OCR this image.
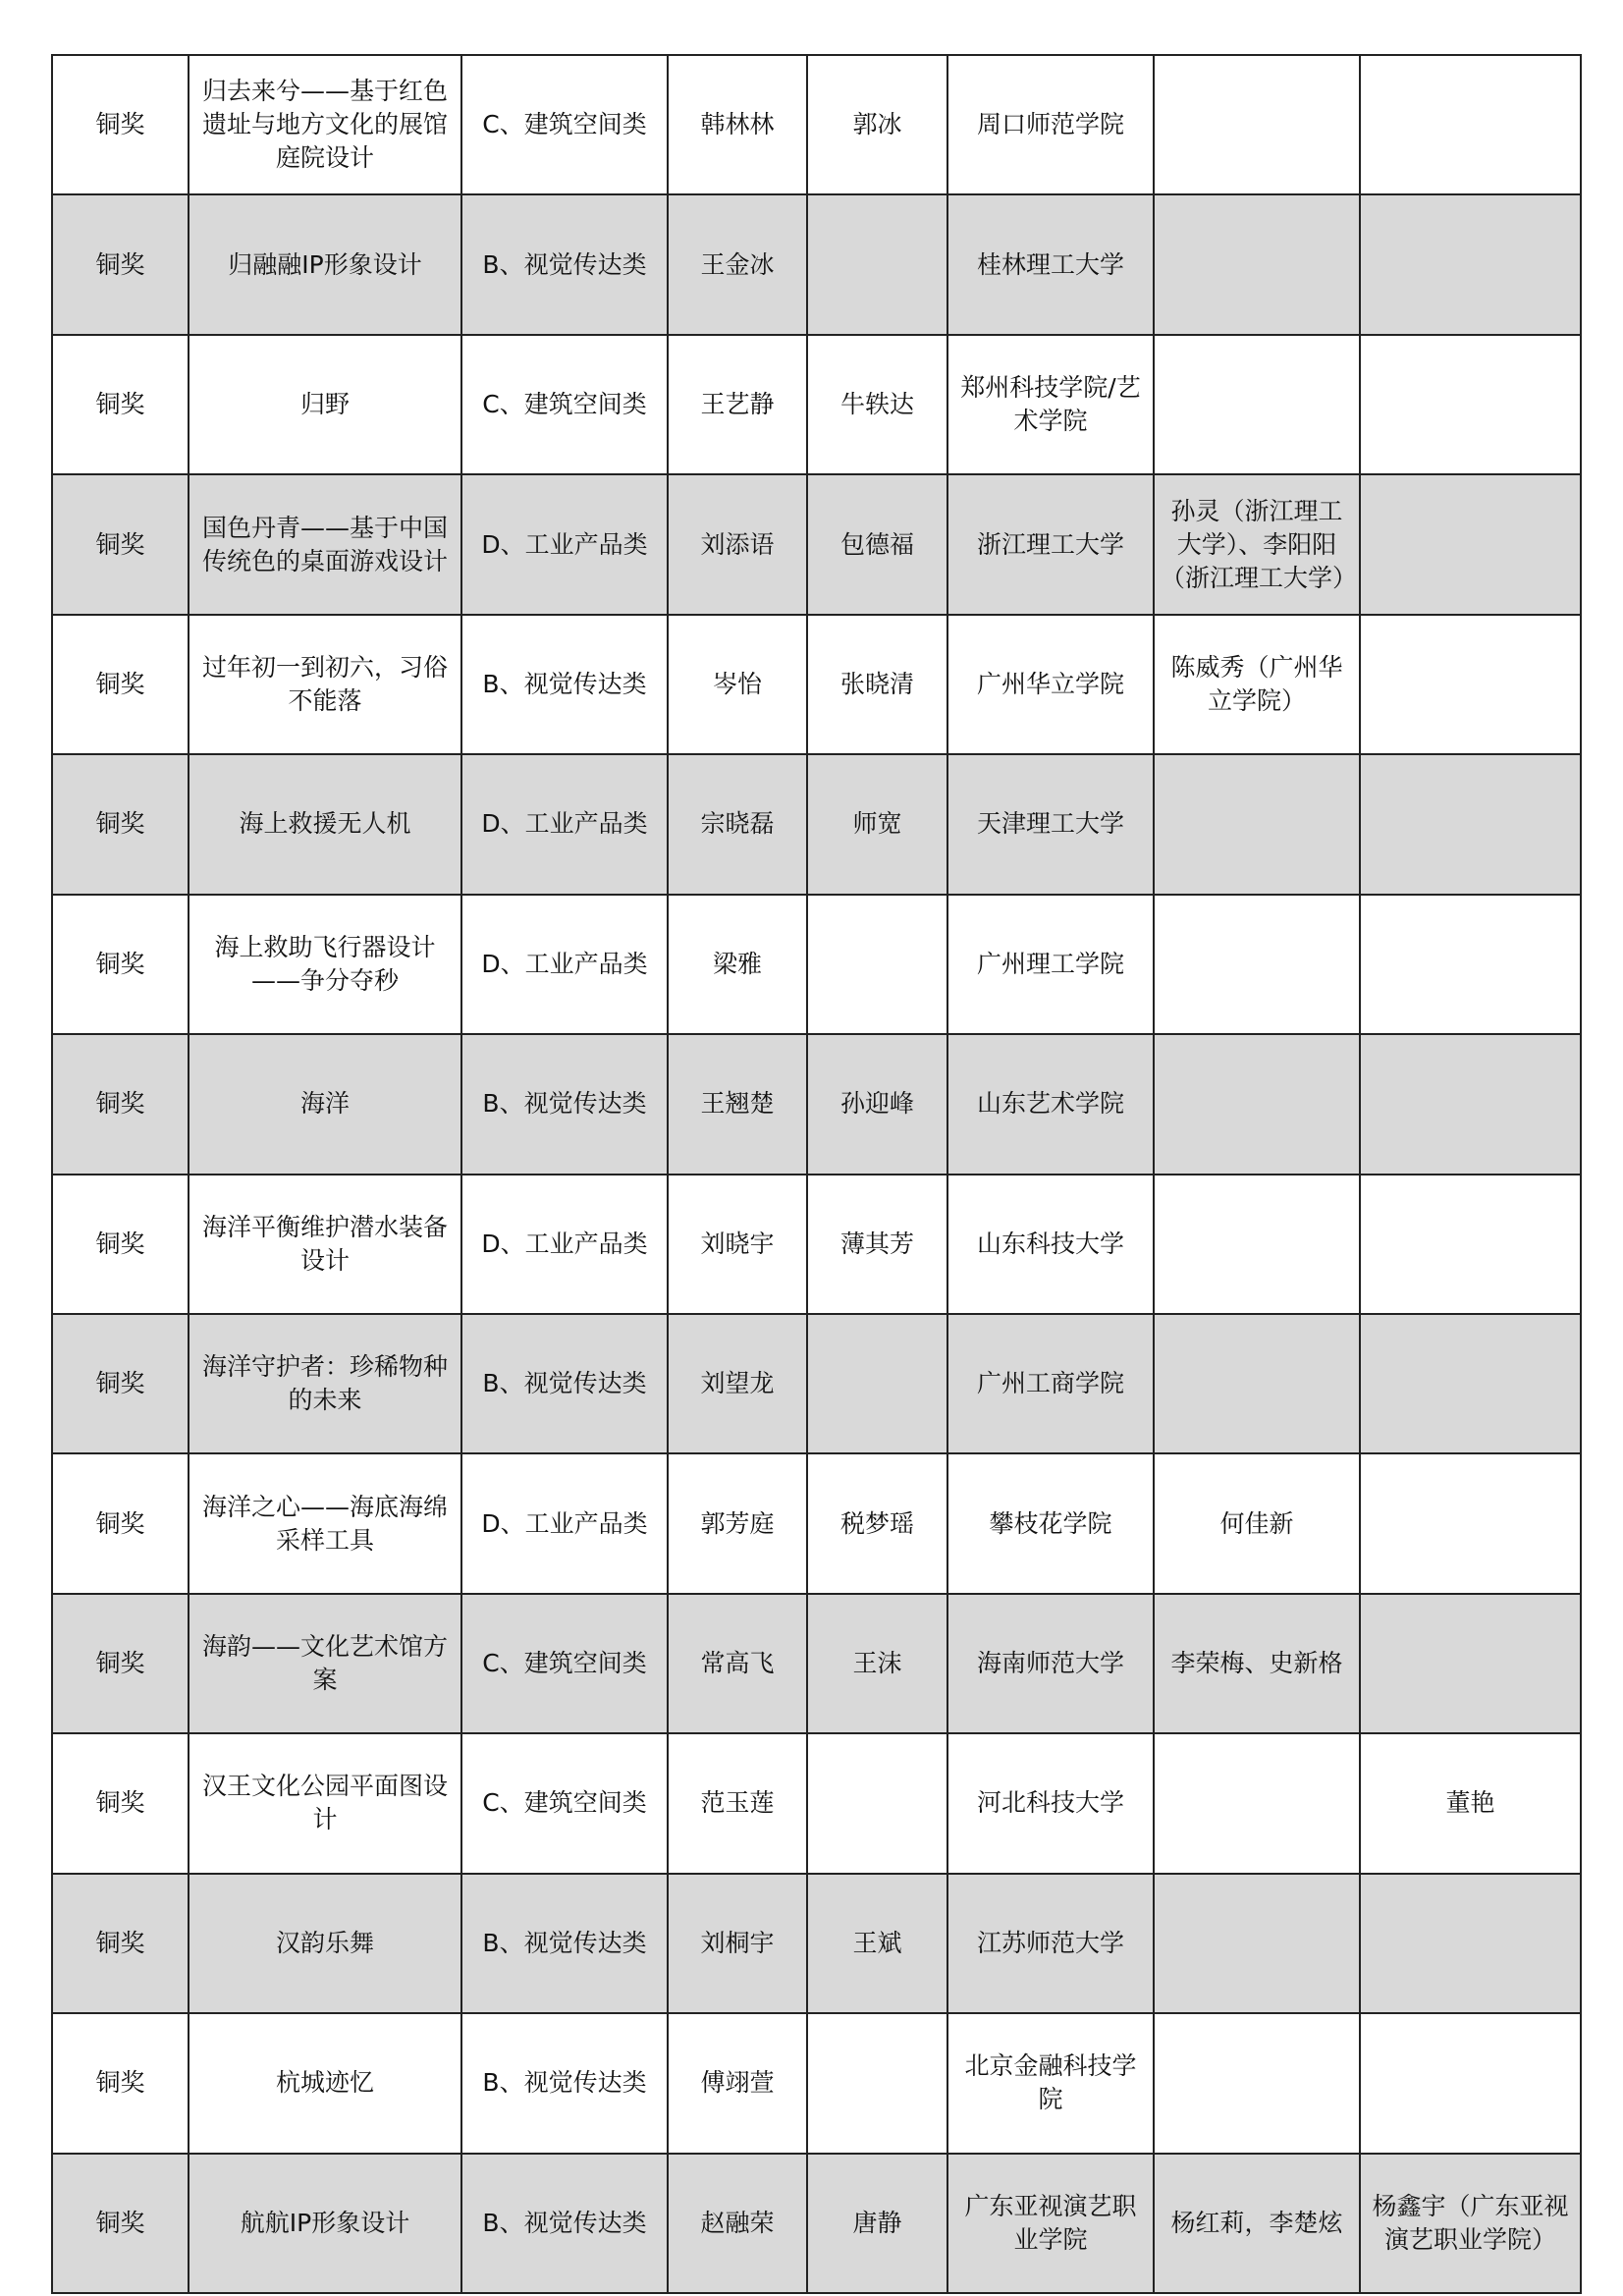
铜奖	归去来兮——基于红色遗址与地方文化的展馆庭院设计	C、建筑空间类	韩林林	郭冰	周口师范学院		
铜奖	归融融IP形象设计	B、视觉传达类	王金冰		桂林理工大学		
铜奖	归野	C、建筑空间类	王艺静	牛轶达	郑州科技学院/艺术学院		
铜奖	国色丹青——基于中国传统色的桌面游戏设计	D、工业产品类	刘添语	包德福	浙江理工大学	孙灵（浙江理工大学）、李阳阳（浙江理工大学）	
铜奖	过年初一到初六，习俗不能落	B、视觉传达类	岑怡	张晓清	广州华立学院	陈威秀（广州华立学院）	
铜奖	海上救援无人机	D、工业产品类	宗晓磊	师宽	天津理工大学		
铜奖	海上救助飞行器设计——争分夺秒	D、工业产品类	梁雅		广州理工学院		
铜奖	海洋	B、视觉传达类	王翘楚	孙迎峰	山东艺术学院		
铜奖	海洋平衡维护潜水装备设计	D、工业产品类	刘晓宇	薄其芳	山东科技大学		
铜奖	海洋守护者：珍稀物种的未来	B、视觉传达类	刘望龙		广州工商学院		
铜奖	海洋之心——海底海绵采样工具	D、工业产品类	郭芳庭	税梦瑶	攀枝花学院	何佳新	
铜奖	海韵——文化艺术馆方案	C、建筑空间类	常高飞	王沫	海南师范大学	李荣梅、史新格	
铜奖	汉王文化公园平面图设计	C、建筑空间类	范玉莲		河北科技大学		董艳
铜奖	汉韵乐舞	B、视觉传达类	刘桐宇	王斌	江苏师范大学		
铜奖	杭城迹忆	B、视觉传达类	傅翊萱		北京金融科技学院		
铜奖	航航IP形象设计	B、视觉传达类	赵融荣	唐静	广东亚视演艺职业学院	杨红莉，李楚炫	杨鑫宇（广东亚视演艺职业学院）
